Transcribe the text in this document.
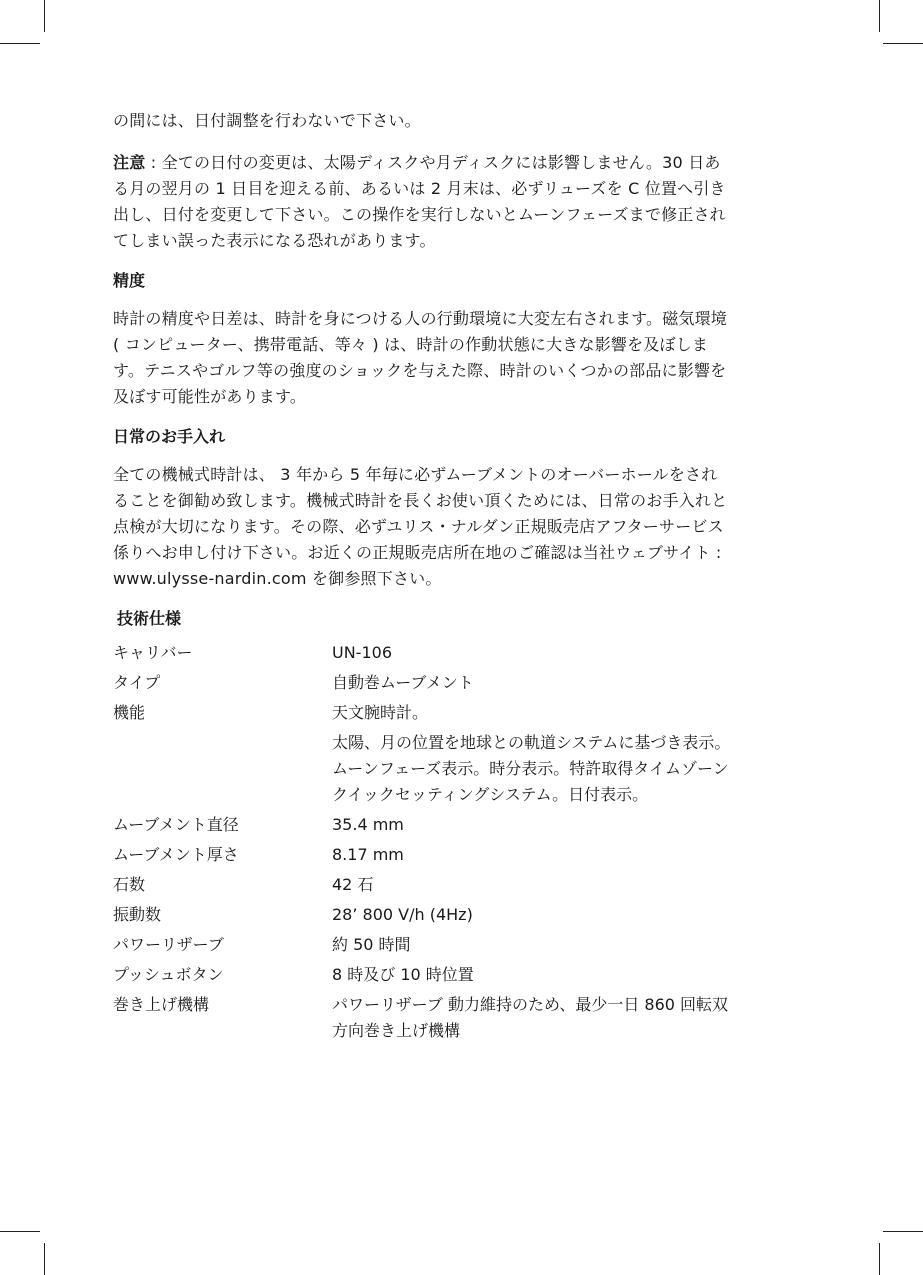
の間には、日付調整を行わないで下さい。

注意 : 全ての日付の変更は、太陽ディスクや月ディスクには影響しません。30 日ある月の翌月の 1 日目を迎える前、あるいは 2 月末は、必ずリューズを C 位置へ引き出し、日付を変更して下さい。この操作を実行しないとムーンフェーズまで修正されてしまい誤った表示になる恐れがあります。

精度

時計の精度や日差は、時計を身につける人の行動環境に大変左右されます。磁気環境 ( コンピューター、携帯電話、等々 ) は、時計の作動状態に大きな影響を及ぼします。テニスやゴルフ等の強度のショックを与えた際、時計のいくつかの部品に影響を及ぼす可能性があります。

日常のお手入れ

全ての機械式時計は、 3 年から 5 年毎に必ずムーブメントのオーバーホールをされることを御勧め致します。機械式時計を長くお使い頂くためには、日常のお手入れと点検が大切になります。その際、必ずユリス・ナルダン正規販売店アフターサービス係りへお申し付け下さい。お近くの正規販売店所在地のご確認は当社ウェブサイト : www.ulysse-nardin.com を御参照下さい。

技術仕様
キャリバー	UN-106
タイプ	自動巻ムーブメント
機能	天文腕時計。
太陽、月の位置を地球との軌道システムに基づき表示。ムーンフェーズ表示。時分表示。特許取得タイムゾーンクイックセッティングシステム。日付表示。
ムーブメント直径	35.4 mm
ムーブメント厚さ	8.17 mm
石数	42 石
振動数	28’ 800 V/h (4Hz)
パワーリザーブ	約 50 時間
プッシュボタン	8 時及び 10 時位置
巻き上げ機構	パワーリザーブ 動力維持のため、最少一日 860 回転双方向巻き上げ機構
